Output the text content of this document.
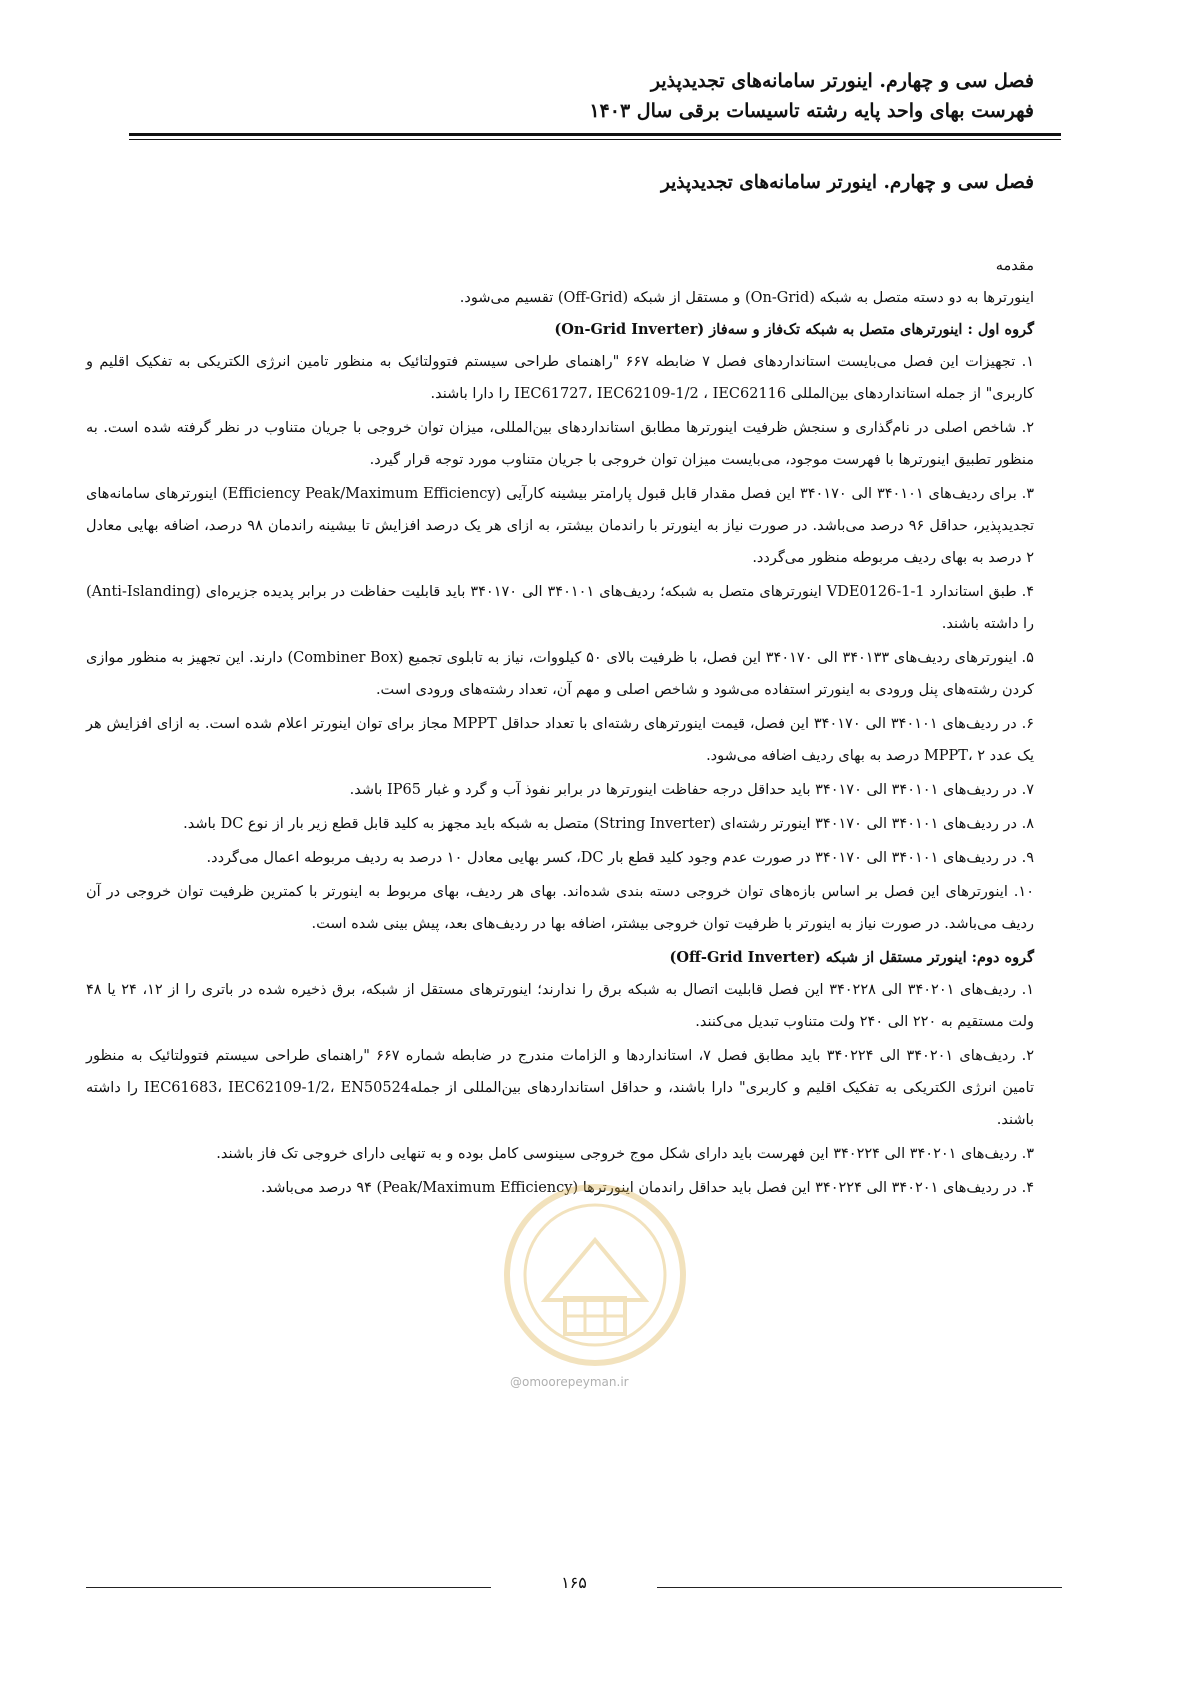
فصل سی و چهارم. اینورتر سامانه‌های تجدیدپذیر
فهرست بهای واحد پایه رشته تاسیسات برقی سال ۱۴۰۳
فصل سی و چهارم. اینورتر سامانه‌های تجدیدپذیر

مقدمه

اینورترها به دو دسته متصل به شبکه (On-Grid) و مستقل از شبکه (Off-Grid) تقسیم می‌شود.

گروه اول : اینورترهای متصل به شبکه تک‌فاز و سه‌فاز (On-Grid Inverter)

۱. تجهیزات این فصل می‌بایست استانداردهای فصل ۷ ضابطه ۶۶۷ "راهنمای طراحی سیستم فتوولتائیک به منظور تامین انرژی الکتریکی به تفکیک اقلیم و کاربری" از جمله استانداردهای بین‌المللی IEC61727، IEC62109-1/2 ، IEC62116 را دارا باشند.

۲. شاخص اصلی در نام‌گذاری و سنجش ظرفیت اینورترها مطابق استانداردهای بین‌المللی، میزان توان خروجی با جریان متناوب در نظر گرفته شده است. به منظور تطبیق اینورترها با فهرست موجود، می‌بایست میزان توان خروجی با جریان متناوب مورد توجه قرار گیرد.

۳. برای ردیف‌های ۳۴۰۱۰۱ الی ۳۴۰۱۷۰ این فصل مقدار قابل قبول پارامتر بیشینه کارآیی (Efficiency Peak/Maximum Efficiency) اینورترهای سامانه‌های تجدیدپذیر، حداقل ۹۶ درصد می‌باشد. در صورت نیاز به اینورتر با راندمان بیشتر، به ازای هر یک درصد افزایش تا بیشینه راندمان ۹۸ درصد، اضافه بهایی معادل ۲ درصد به بهای ردیف مربوطه منظور می‌گردد.

۴. طبق استاندارد VDE0126-1-1 اینورترهای متصل به شبکه؛ ردیف‌های ۳۴۰۱۰۱ الی ۳۴۰۱۷۰ باید قابلیت حفاظت در برابر پدیده جزیره‌ای (Anti-Islanding) را داشته باشند.

۵. اینورترهای ردیف‌های ۳۴۰۱۳۳ الی ۳۴۰۱۷۰ این فصل، با ظرفیت بالای ۵۰ کیلووات، نیاز به تابلوی تجمیع (Combiner Box) دارند. این تجهیز به منظور موازی کردن رشته‌های پنل ورودی به اینورتر استفاده می‌شود و شاخص اصلی و مهم آن، تعداد رشته‌های ورودی است.

۶. در ردیف‌های ۳۴۰۱۰۱ الی ۳۴۰۱۷۰ این فصل، قیمت اینورترهای رشته‌ای با تعداد حداقل MPPT مجاز برای توان اینورتر اعلام شده است. به ازای افزایش هر یک عدد MPPT، ۲ درصد به بهای ردیف اضافه می‌شود.

۷. در ردیف‌های ۳۴۰۱۰۱ الی ۳۴۰۱۷۰ باید حداقل درجه حفاظت اینورترها در برابر نفوذ آب و گرد و غبار IP65 باشد.

۸. در ردیف‌های ۳۴۰۱۰۱ الی ۳۴۰۱۷۰ اینورتر رشته‌ای (String Inverter) متصل به شبکه باید مجهز به کلید قابل قطع زیر بار از نوع DC باشد.

۹. در ردیف‌های ۳۴۰۱۰۱ الی ۳۴۰۱۷۰ در صورت عدم وجود کلید قطع بار DC، کسر بهایی معادل ۱۰ درصد به ردیف مربوطه اعمال می‌گردد.

۱۰. اینورترهای این فصل بر اساس بازه‌های توان خروجی دسته بندی شده‌اند. بهای هر ردیف، بهای مربوط به اینورتر با کمترین ظرفیت توان خروجی در آن ردیف می‌باشد. در صورت نیاز به اینورتر با ظرفیت توان خروجی بیشتر، اضافه بها در ردیف‌های بعد، پیش بینی شده است.

گروه دوم: اینورتر مستقل از شبکه (Off-Grid Inverter)

۱. ردیف‌های ۳۴۰۲۰۱ الی ۳۴۰۲۲۸ این فصل قابلیت اتصال به شبکه برق را ندارند؛ اینورترهای مستقل از شبکه، برق ذخیره شده در باتری را از ۱۲، ۲۴ یا ۴۸ ولت مستقیم به ۲۲۰ الی ۲۴۰ ولت متناوب تبدیل می‌کنند.

۲. ردیف‌های ۳۴۰۲۰۱ الی ۳۴۰۲۲۴ باید مطابق فصل ۷، استانداردها و الزامات مندرج در ضابطه شماره ۶۶۷ "راهنمای طراحی سیستم فتوولتائیک به منظور تامین انرژی الکتریکی به تفکیک اقلیم و کاربری" دارا باشند، و حداقل استانداردهای بین‌المللی از جملهIEC61683، IEC62109-1/2، EN50524 را داشته باشند.

۳. ردیف‌های ۳۴۰۲۰۱ الی ۳۴۰۲۲۴ این فهرست باید دارای شکل موج خروجی سینوسی کامل بوده و به تنهایی دارای خروجی تک فاز باشند.

۴. در ردیف‌های ۳۴۰۲۰۱ الی ۳۴۰۲۲۴ این فصل باید حداقل راندمان اینورترها (Peak/Maximum Efficiency) ۹۴ درصد می‌باشد.

@omoorepeyman.ir
۱۶۵
